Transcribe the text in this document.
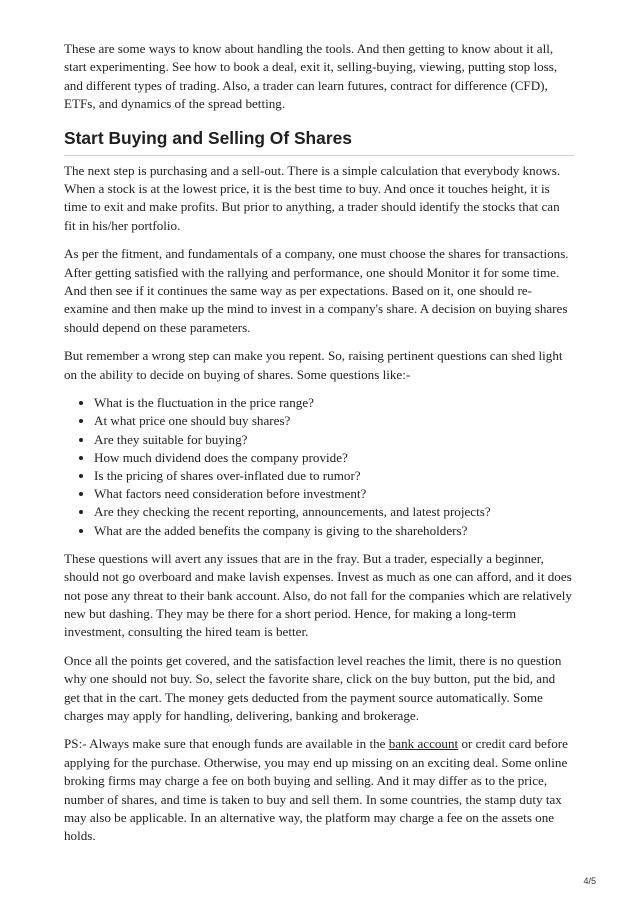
These are some ways to know about handling the tools. And then getting to know about it all, start experimenting. See how to book a deal, exit it, selling-buying, viewing, putting stop loss, and different types of trading. Also, a trader can learn futures, contract for difference (CFD), ETFs, and dynamics of the spread betting.

Start Buying and Selling Of Shares

The next step is purchasing and a sell-out. There is a simple calculation that everybody knows. When a stock is at the lowest price, it is the best time to buy. And once it touches height, it is time to exit and make profits. But prior to anything, a trader should identify the stocks that can fit in his/her portfolio.

As per the fitment, and fundamentals of a company, one must choose the shares for transactions. After getting satisfied with the rallying and performance, one should Monitor it for some time. And then see if it continues the same way as per expectations. Based on it, one should re-examine and then make up the mind to invest in a company's share. A decision on buying shares should depend on these parameters.

But remember a wrong step can make you repent. So, raising pertinent questions can shed light on the ability to decide on buying of shares. Some questions like:-

• What is the fluctuation in the price range?
• At what price one should buy shares?
• Are they suitable for buying?
• How much dividend does the company provide?
• Is the pricing of shares over-inflated due to rumor?
• What factors need consideration before investment?
• Are they checking the recent reporting, announcements, and latest projects?
• What are the added benefits the company is giving to the shareholders?

These questions will avert any issues that are in the fray. But a trader, especially a beginner, should not go overboard and make lavish expenses. Invest as much as one can afford, and it does not pose any threat to their bank account. Also, do not fall for the companies which are relatively new but dashing. They may be there for a short period. Hence, for making a long-term investment, consulting the hired team is better.

Once all the points get covered, and the satisfaction level reaches the limit, there is no question why one should not buy. So, select the favorite share, click on the buy button, put the bid, and get that in the cart. The money gets deducted from the payment source automatically. Some charges may apply for handling, delivering, banking and brokerage.

PS:- Always make sure that enough funds are available in the bank account or credit card before applying for the purchase. Otherwise, you may end up missing on an exciting deal. Some online broking firms may charge a fee on both buying and selling. And it may differ as to the price, number of shares, and time is taken to buy and sell them. In some countries, the stamp duty tax may also be applicable. In an alternative way, the platform may charge a fee on the assets one holds.

4/5
